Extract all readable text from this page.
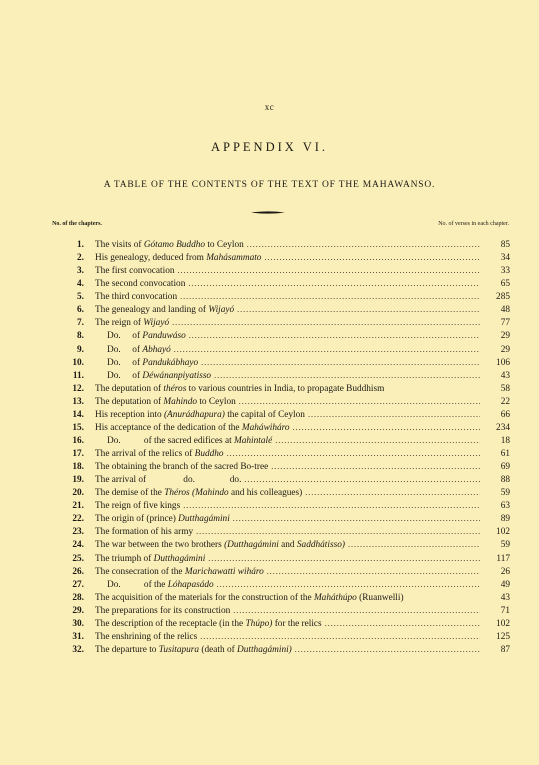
xc
APPENDIX VI.
A TABLE OF THE CONTENTS OF THE TEXT OF THE MAHAWANSO.
No. of the chapters.	No. of verses in each chapter.
1.	The visits of Gótamo Buddho to Ceylon .....	85
2.	His genealogy, deduced from Mahásammato .....	34
3.	The first convocation .....	33
4.	The second convocation .....	65
5.	The third convocation .....	285
6.	The genealogy and landing of Wijayó .....	48
7.	The reign of Wijayó .....	77
8.	Do.     of Panduwáso .....	29
9.	Do.     of Abhayó .....	29
10.	Do.     of Pandukábhayo .....	106
11.	Do.     of Déwánanpiyatisso .....	43
12.	The deputation of théros to various countries in India, to propagate Buddhism	58
13.	The deputation of Mahindo to Ceylon .....	22
14.	His reception into (Anurádhapura) the capital of Ceylon .....	66
15.	His acceptance of the dedication of the Maháwiháro .....	234
16.	Do.          of the sacred edifices at Mahintalé .....	18
17.	The arrival of the relics of Buddho .....	61
18.	The obtaining the branch of the sacred Bo-tree .....	69
19.	The arrival of                do.               do. .....	88
20.	The demise of the Théros (Mahindo and his colleagues) .....	59
21.	The reign of five kings .....	63
22.	The origin of (prince) Dutthagámini .....	89
23.	The formation of his army .....	102
24.	The war between the two brothers (Dutthagámini and Saddhátisso) .....	59
25.	The triumph of Dutthagámini .....	117
26.	The consecration of the Marichawatti wiháro .....	26
27.	Do.          of the Lóhapasádo .....	49
28.	The acquisition of the materials for the construction of the Maháthúpo (Ruanwelli)	43
29.	The preparations for its construction .....	71
30.	The description of the receptacle (in the Thúpo) for the relics .....	102
31.	The enshrining of the relics .....	125
32.	The departure to Tusitapura (death of Dutthagámini) .....	87
